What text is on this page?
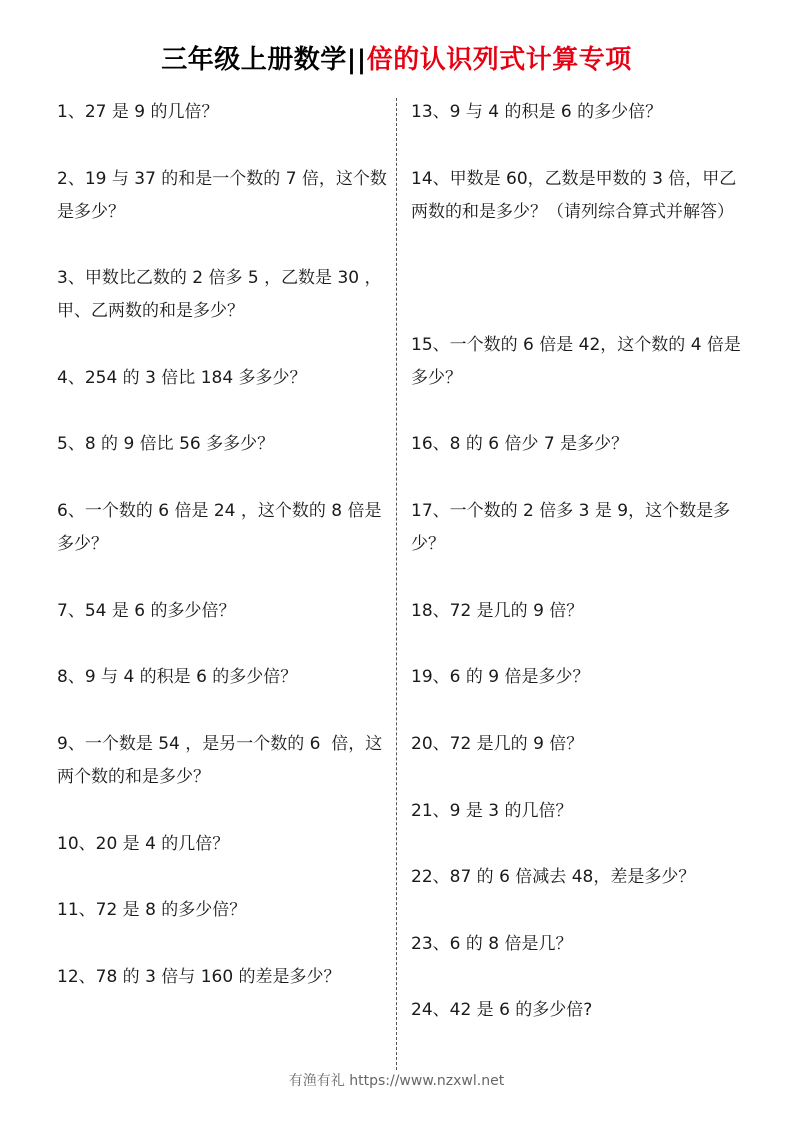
三年级上册数学||倍的认识列式计算专项
1、27 是 9 的几倍？
2、19 与 37 的和是一个数的 7 倍，这个数是多少？
3、甲数比乙数的 2 倍多 5 ，乙数是 30 ，甲、乙两数的和是多少？
4、254 的 3 倍比 184 多多少？
5、8 的 9 倍比 56 多多少？
6、一个数的 6 倍是 24 ，这个数的 8 倍是多少？
7、54 是 6 的多少倍？
8、9 与 4 的积是 6 的多少倍？
9、一个数是 54 ，是另一个数的 6  倍，这两个数的和是多少？
10、20 是 4 的几倍？
11、72 是 8 的多少倍？
12、78 的 3 倍与 160 的差是多少？
13、9 与 4 的积是 6 的多少倍？
14、甲数是 60，乙数是甲数的 3 倍，甲乙两数的和是多少？（请列综合算式并解答）
15、一个数的 6 倍是 42，这个数的 4 倍是多少？
16、8 的 6 倍少 7 是多少？
17、一个数的 2 倍多 3 是 9，这个数是多少？
18、72 是几的 9 倍？
19、6 的 9 倍是多少？
20、72 是几的 9 倍？
21、9 是 3 的几倍？
22、87 的 6 倍减去 48，差是多少？
23、6 的 8 倍是几？
24、42 是 6 的多少倍?
有渔有礼 https://www.nzxwl.net
